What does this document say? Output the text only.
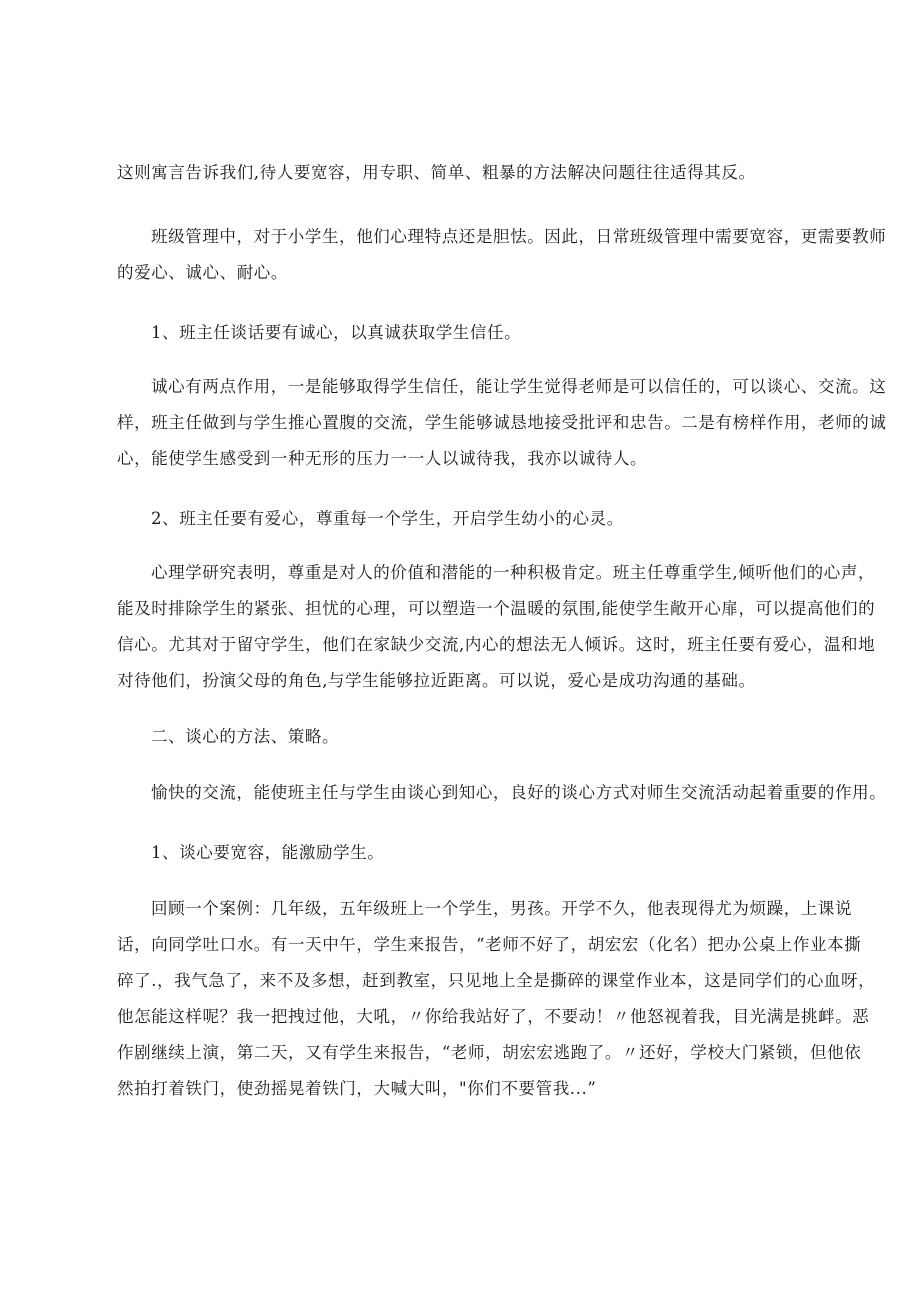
这则寓言告诉我们,待人要宽容，用专职、简单、粗暴的方法解决问题往往适得其反。
班级管理中，对于小学生，他们心理特点还是胆怯。因此，日常班级管理中需要宽容，更需要教师
的爱心、诚心、耐心。
1、班主任谈话要有诚心，以真诚获取学生信任。
诚心有两点作用，一是能够取得学生信任，能让学生觉得老师是可以信任的，可以谈心、交流。这
样，班主任做到与学生推心置腹的交流，学生能够诚恳地接受批评和忠告。二是有榜样作用，老师的诚
心，能使学生感受到一种无形的压力一一人以诚待我，我亦以诚待人。
2、班主任要有爱心，尊重每一个学生，开启学生幼小的心灵。
心理学研究表明，尊重是对人的价值和潜能的一种积极肯定。班主任尊重学生,倾听他们的心声，
能及时排除学生的紧张、担忧的心理，可以塑造一个温暖的氛围,能使学生敞开心扉，可以提高他们的
信心。尤其对于留守学生，他们在家缺少交流,内心的想法无人倾诉。这时，班主任要有爱心，温和地
对待他们，扮演父母的角色,与学生能够拉近距离。可以说，爱心是成功沟通的基础。
二、谈心的方法、策略。
愉快的交流，能使班主任与学生由谈心到知心，良好的谈心方式对师生交流活动起着重要的作用。
1、谈心要宽容，能激励学生。
回顾一个案例：几年级，五年级班上一个学生，男孩。开学不久，他表现得尤为烦躁，上课说
话，向同学吐口水。有一天中午，学生来报告，“老师不好了，胡宏宏（化名）把办公桌上作业本撕
碎了.，我气急了，来不及多想，赶到教室，只见地上全是撕碎的课堂作业本，这是同学们的心血呀，
他怎能这样呢？我一把拽过他，大吼，〃你给我站好了，不要动！〃他怒视着我，目光满是挑衅。恶
作剧继续上演，第二天，又有学生来报告，“老师，胡宏宏逃跑了。〃还好，学校大门紧锁，但他依
然拍打着铁门，使劲摇晃着铁门，大喊大叫，"你们不要管我...”
